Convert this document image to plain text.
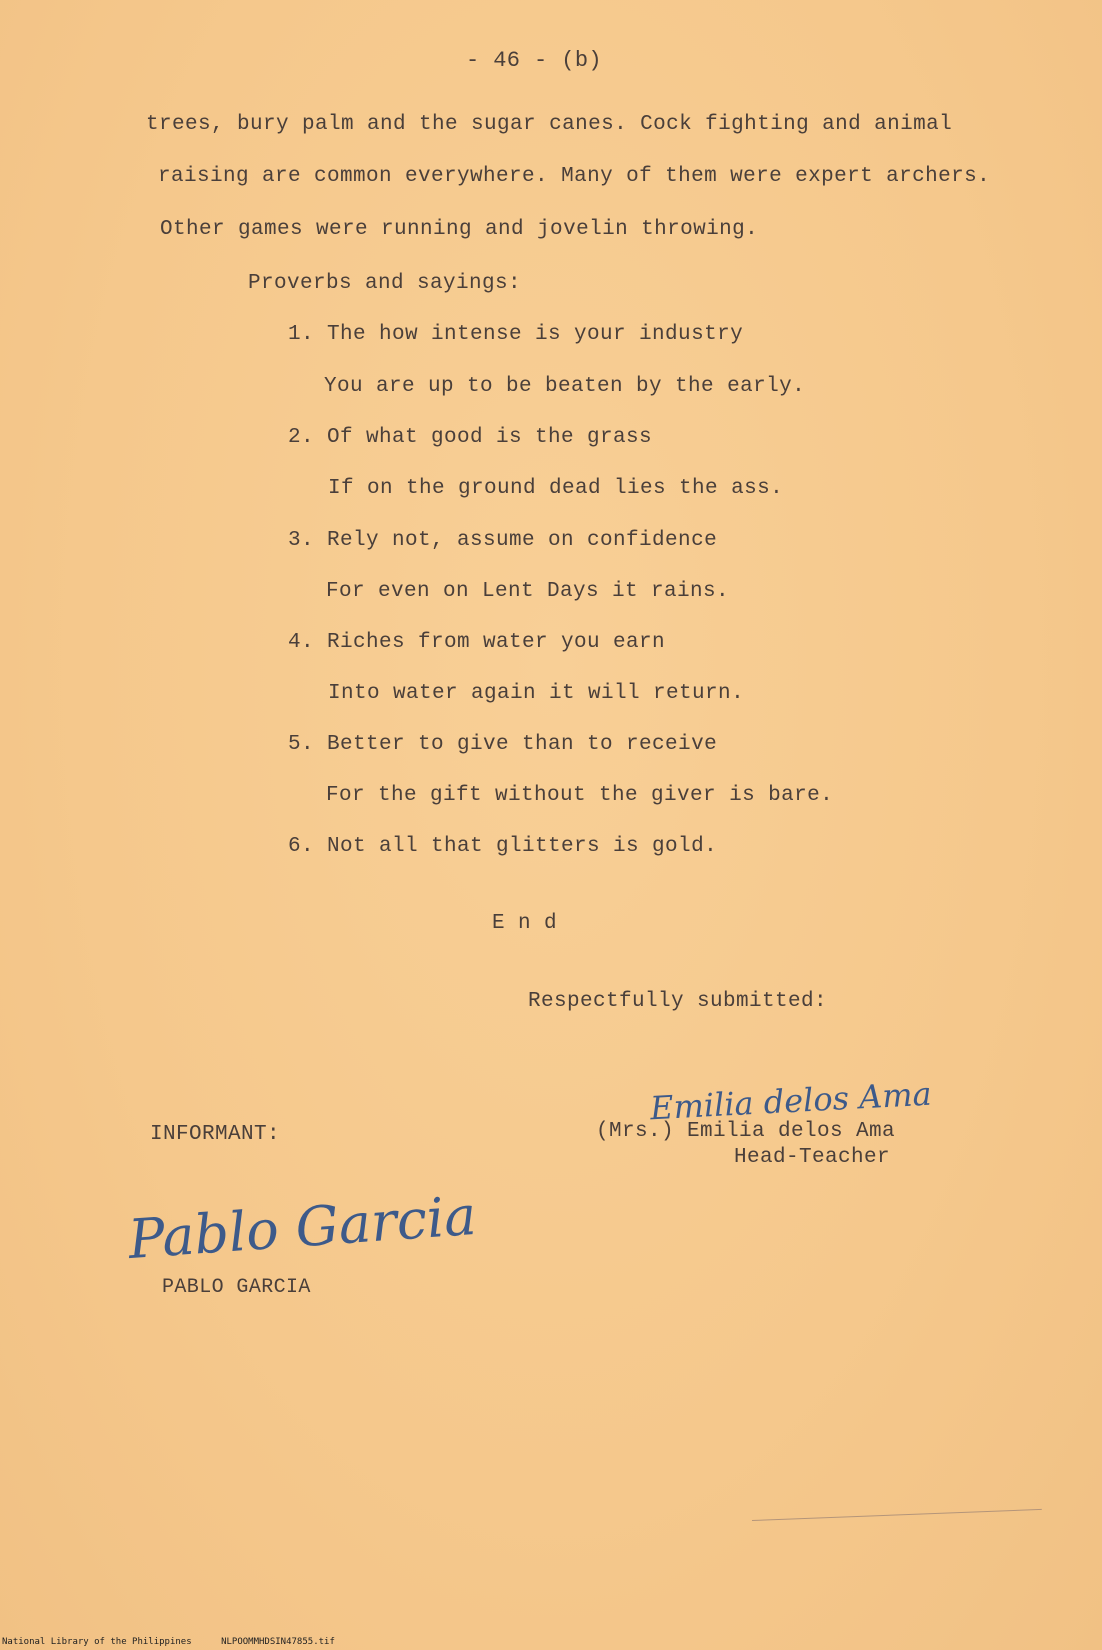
- 46 - (b)
trees, bury palm and the sugar canes. Cock fighting and animal
raising are common everywhere. Many of them were expert archers.
Other games were running and jovelin throwing.
Proverbs and sayings:
1. The how intense is your industry
You are up to be beaten by the early.
2. Of what good is the grass
If on the ground dead lies the ass.
3. Rely not, assume on confidence
For even on Lent Days it rains.
4. Riches from water you earn
Into water again it will return.
5. Better to give than to receive
For the gift without the giver is bare.
6. Not all that glitters is gold.
E n d
Respectfully submitted:
Emilia delos Ama
INFORMANT:	(Mrs.) Emilia delos Ama
Head-Teacher
Pablo Garcia
PABLO GARCIA
National Library of the Philippines	NLPOOMMHDSIN47855.tif
